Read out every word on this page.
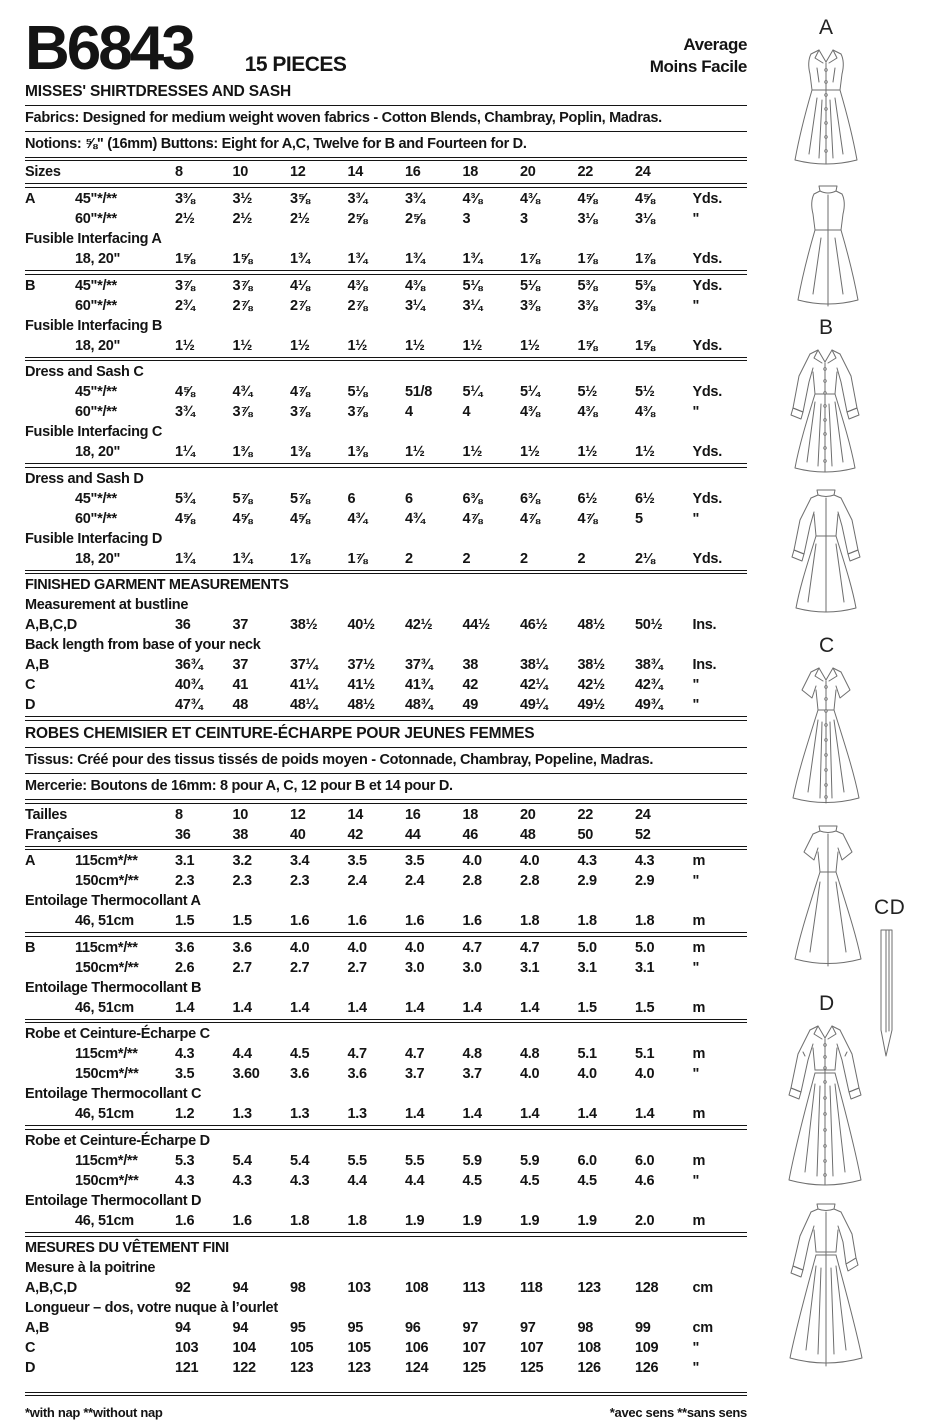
B6843 15 PIECES
Average
Moins Facile
MISSES' SHIRTDRESSES AND SASH
Fabrics: Designed for medium weight woven fabrics - Cotton Blends, Chambray, Poplin, Madras.
Notions: ⅝" (16mm) Buttons: Eight for A,C, Twelve for B and Fourteen for D.
Sizes	8	10	12	14	16	18	20	22	24
A	45"*/**	3⅜	3½	3⅝	3¾	3¾	4⅜	4⅜	4⅝	4⅝	Yds.
60"*/**	2½	2½	2½	2⅝	2⅝	3	3	3⅛	3⅛	"
Fusible Interfacing A
18, 20"	1⅝	1⅝	1¾	1¾	1¾	1¾	1⅞	1⅞	1⅞	Yds.
B	45"*/**	3⅞	3⅞	4⅛	4⅜	4⅜	5⅛	5⅛	5⅜	5⅜	Yds.
60"*/**	2¾	2⅞	2⅞	2⅞	3¼	3¼	3⅜	3⅜	3⅜	"
Fusible Interfacing B
18, 20"	1½	1½	1½	1½	1½	1½	1½	1⅝	1⅝	Yds.
Dress and Sash C
45"*/**	4⅝	4¾	4⅞	5⅛	51/8	5¼	5¼	5½	5½	Yds.
60"*/**	3¾	3⅞	3⅞	3⅞	4	4	4⅜	4⅜	4⅜	"
Fusible Interfacing C
18, 20"	1¼	1⅜	1⅜	1⅜	1½	1½	1½	1½	1½	Yds.
Dress and Sash D
45"*/**	5¾	5⅞	5⅞	6	6	6⅜	6⅜	6½	6½	Yds.
60"*/**	4⅝	4⅝	4⅝	4¾	4¾	4⅞	4⅞	4⅞	5	"
Fusible Interfacing D
18, 20"	1¾	1¾	1⅞	1⅞	2	2	2	2	2⅛	Yds.
FINISHED GARMENT MEASUREMENTS
Measurement at bustline
A,B,C,D	36	37	38½	40½	42½	44½	46½	48½	50½	Ins.
Back length from base of your neck
A,B	36¾	37	37¼	37½	37¾	38	38¼	38½	38¾	Ins.
C	40¾	41	41¼	41½	41¾	42	42¼	42½	42¾	"
D	47¾	48	48¼	48½	48¾	49	49¼	49½	49¾	"
ROBES CHEMISIER ET CEINTURE-ÉCHARPE POUR JEUNES FEMMES
Tissus: Créé pour des tissus tissés de poids moyen - Cotonnade, Chambray, Popeline, Madras.
Mercerie: Boutons de 16mm: 8 pour A, C, 12 pour B et 14 pour D.
Tailles	8	10	12	14	16	18	20	22	24
Françaises	36	38	40	42	44	46	48	50	52
A	115cm*/**	3.1	3.2	3.4	3.5	3.5	4.0	4.0	4.3	4.3	m
150cm*/**	2.3	2.3	2.3	2.4	2.4	2.8	2.8	2.9	2.9	"
Entoilage Thermocollant A
46, 51cm	1.5	1.5	1.6	1.6	1.6	1.6	1.8	1.8	1.8	m
B	115cm*/**	3.6	3.6	4.0	4.0	4.0	4.7	4.7	5.0	5.0	m
150cm*/**	2.6	2.7	2.7	2.7	3.0	3.0	3.1	3.1	3.1	"
Entoilage Thermocollant B
46, 51cm	1.4	1.4	1.4	1.4	1.4	1.4	1.4	1.5	1.5	m
Robe et Ceinture-Écharpe C
115cm*/**	4.3	4.4	4.5	4.7	4.7	4.8	4.8	5.1	5.1	m
150cm*/**	3.5	3.60	3.6	3.6	3.7	3.7	4.0	4.0	4.0	"
Entoilage Thermocollant C
46, 51cm	1.2	1.3	1.3	1.3	1.4	1.4	1.4	1.4	1.4	m
Robe et Ceinture-Écharpe D
115cm*/**	5.3	5.4	5.4	5.5	5.5	5.9	5.9	6.0	6.0	m
150cm*/**	4.3	4.3	4.3	4.4	4.4	4.5	4.5	4.5	4.6	"
Entoilage Thermocollant D
46, 51cm	1.6	1.6	1.8	1.8	1.9	1.9	1.9	1.9	2.0	m
MESURES DU VÊTEMENT FINI
Mesure à la poitrine
A,B,C,D	92	94	98	103	108	113	118	123	128	cm
Longueur – dos, votre nuque à l’ourlet
A,B	94	94	95	95	96	97	97	98	99	cm
C	103	104	105	105	106	107	107	108	109	"
D	121	122	123	123	124	125	125	126	126	"
*with nap **without nap	*avec sens **sans sens
A
B
C
CD
D
